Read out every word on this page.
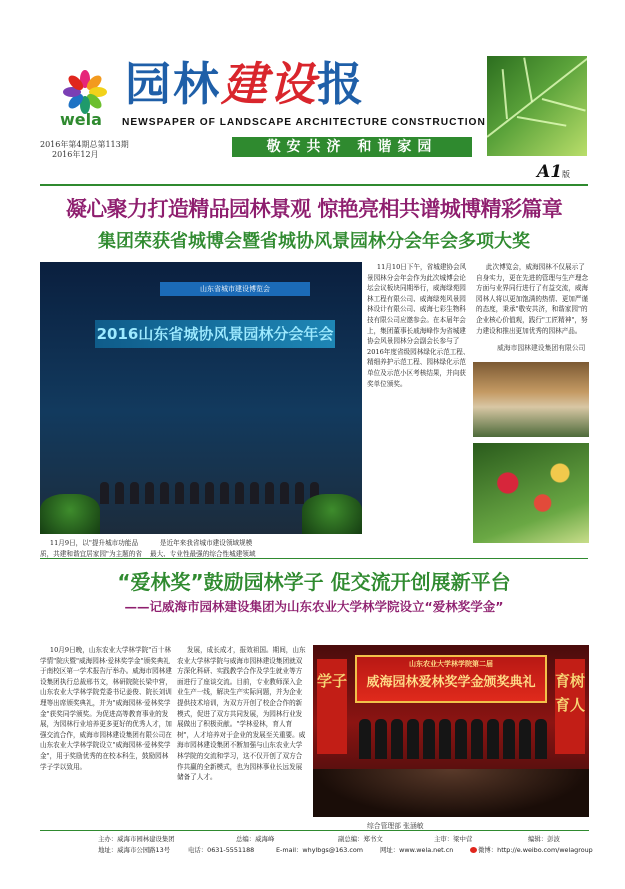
wela
园林建设报
NEWSPAPER OF LANDSCAPE ARCHITECTURE CONSTRUCTION
2016年第4期总第113期
2016年12月	敬安共济 和谐家园
A1版
凝心聚力打造精品园林景观 惊艳亮相共谱城博精彩篇章
集团荣获省城博会暨省城协风景园林分会年会多项大奖
山东省城市建设博览会
2016山东省城协风景园林分会年会
11月10日下午，省城建协会风景园林分会年会作为此次城博会论坛会议板块同期举行，威海绿苑园林工程有限公司、威海绿苑风景园林设计有限公司、威海七彩生物科技有限公司应邀参会。在本届年会上，集团董事长戚海峰作为省城建协会风景园林分会副会长参与了2016年度省级园林绿化示范工程、精细养护示范工程、园林绿化示范单位及示范小区考核结果，并向获奖单位颁奖。
此次博览会，威海园林不仅展示了自身实力，更在先进的管理与生产理念方面与业界同行进行了有益交流，威海园林人将以更加饱满的热情、更加严谨的态度，秉承"敬安共济，和谐家园"的企业核心价值观，践行"工匠精神"，努力建设和推出更加优秀的园林产品。
威海市园林建设集团有限公司
11月9日，以"提升城市功能品质，共建和谐宜居家园"为主题的省
是近年来我省城市建设领域规模最大、专业性最强的综合性城建领域
“爱林奖”鼓励园林学子 促交流开创展新平台
——记威海市园林建设集团为山东农业大学林学院设立“爱林奖学金”
10月9日晚，山东农业大学林学院"百十林学情"院庆暨"威海园林·爱林奖学金"颁奖典礼于南校区第一学术报告厅举办。威海市园林建设集团执行总裁邢书文，林研院院长梁中营，山东农业大学林学院党委书记姜俊、院长刘训理等出席颁奖典礼，并为"威海园林·爱林奖学金"获奖同学颁奖。为促进高等教育事业的发展，为园林行业培养更多更好的优秀人才，加强交流合作，威海市园林建设集团有限公司在山东农业大学林学院设立"威海园林·爱林奖学金"，用于奖励优秀的在校本科生，鼓励园林学子学以致用。
发展，成长成才，报效祖国。期间，山东农业大学林学院与威海市园林建设集团就双方深化科研、实践教学合作及学生就业等方面进行了座谈交流。目前，专业教师深入企业生产一线，解决生产实际问题，并为企业提供技术培训，为双方开创了校企合作的新模式，促进了双方共同发展，为园林行业发展做出了积极贡献。"学林爱林，育人育树"，人才培养对于企业的发展至关重要。威海市园林建设集团不断加强与山东农业大学林学院的交流和学习，这不仅开创了双方合作共赢的全新模式，也为园林事业长远发展储备了人才。
学子	育树育人
山东农业大学林学院第二届
威海园林爱林奖学金颁奖典礼
综合管理部 张涵敏
主办：威海市园林建设集团	总编：威海峰	副总编：郑书文	主审：梁中营	编辑：彭波
地址：威海市公园路13号	电话：0631-5551188	E-mail：whylbgs@163.com	网址：www.wela.net.cn	微博：http://e.weibo.com/welagroup
